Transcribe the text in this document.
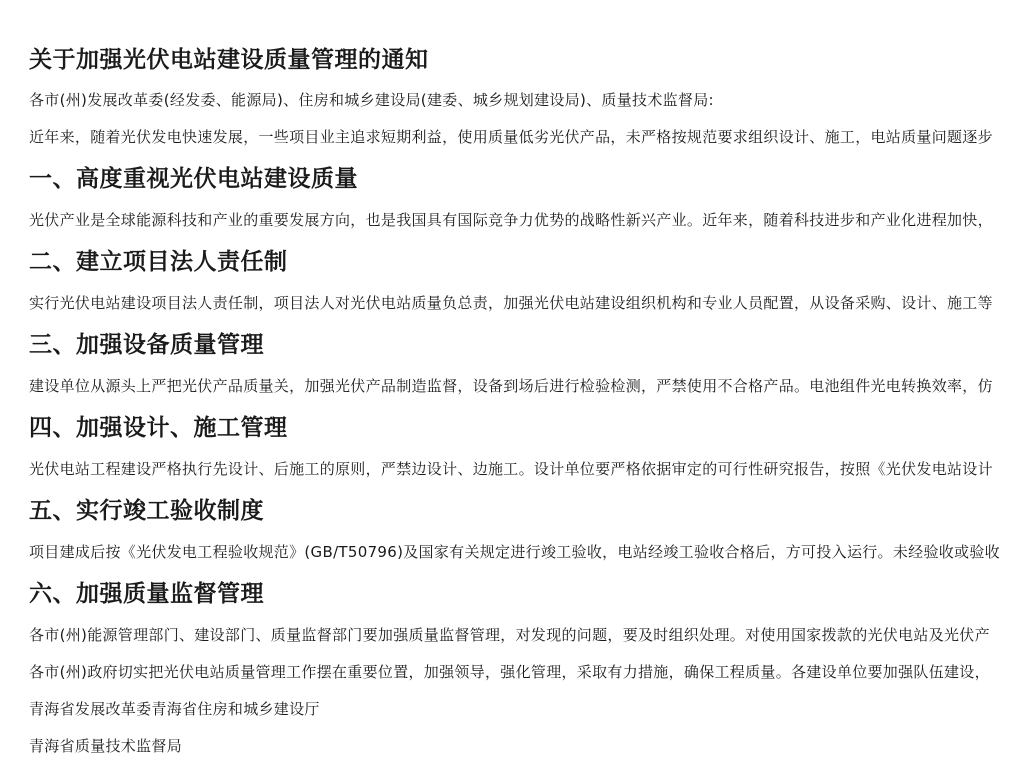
关于加强光伏电站建设质量管理的通知

各市(州)发展改革委(经发委、能源局)、住房和城乡建设局(建委、城乡规划建设局)、质量技术监督局:

近年来，随着光伏发电快速发展，一些项目业主追求短期利益，使用质量低劣光伏产品，未严格按规范要求组织设计、施工，电站质量问题逐步

一、高度重视光伏电站建设质量

光伏产业是全球能源科技和产业的重要发展方向，也是我国具有国际竞争力优势的战略性新兴产业。近年来，随着科技进步和产业化进程加快，

二、建立项目法人责任制

实行光伏电站建设项目法人责任制，项目法人对光伏电站质量负总责，加强光伏电站建设组织机构和专业人员配置，从设备采购、设计、施工等

三、加强设备质量管理

建设单位从源头上严把光伏产品质量关，加强光伏产品制造监督，设备到场后进行检验检测，严禁使用不合格产品。电池组件光电转换效率，仿

四、加强设计、施工管理

光伏电站工程建设严格执行先设计、后施工的原则，严禁边设计、边施工。设计单位要严格依据审定的可行性研究报告，按照《光伏发电站设计

五、实行竣工验收制度

项目建成后按《光伏发电工程验收规范》(GB/T50796)及国家有关规定进行竣工验收，电站经竣工验收合格后，方可投入运行。未经验收或验收

六、加强质量监督管理

各市(州)能源管理部门、建设部门、质量监督部门要加强质量监督管理，对发现的问题，要及时组织处理。对使用国家拨款的光伏电站及光伏产

各市(州)政府切实把光伏电站质量管理工作摆在重要位置，加强领导，强化管理，采取有力措施，确保工程质量。各建设单位要加强队伍建设，

青海省发展改革委青海省住房和城乡建设厅

青海省质量技术监督局
